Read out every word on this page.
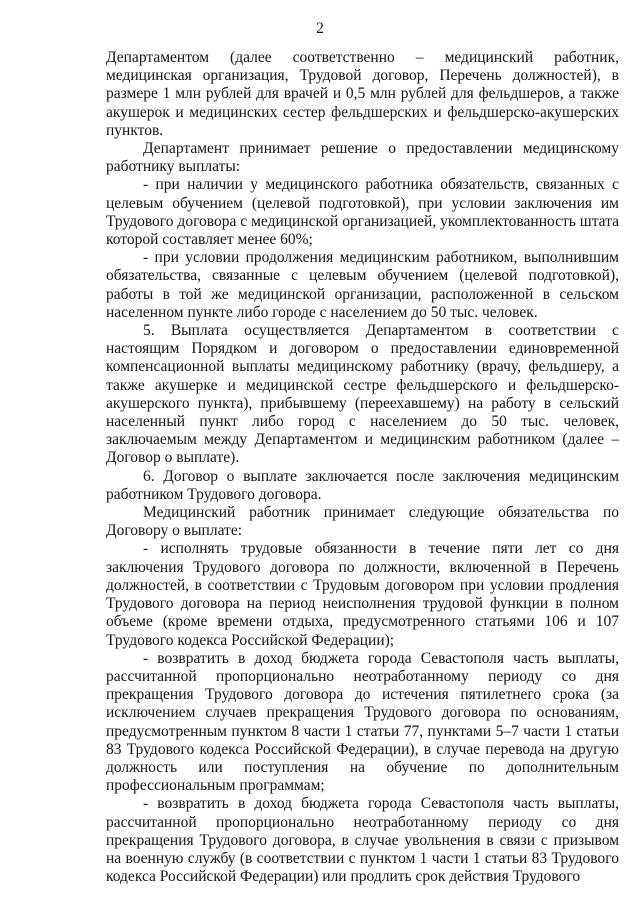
2

Департаментом (далее соответственно – медицинский работник, медицинская организация, Трудовой договор, Перечень должностей), в размере 1 млн рублей для врачей и 0,5 млн рублей для фельдшеров, а также акушерок и медицинских сестер фельдшерских и фельдшерско-акушерских пунктов.

Департамент принимает решение о предоставлении медицинскому работнику выплаты:

- при наличии у медицинского работника обязательств, связанных с целевым обучением (целевой подготовкой), при условии заключения им Трудового договора с медицинской организацией, укомплектованность штата которой составляет менее 60%;

- при условии продолжения медицинским работником, выполнившим обязательства, связанные с целевым обучением (целевой подготовкой), работы в той же медицинской организации, расположенной в сельском населенном пункте либо городе с населением до 50 тыс. человек.

5. Выплата осуществляется Департаментом в соответствии с настоящим Порядком и договором о предоставлении единовременной компенсационной выплаты медицинскому работнику (врачу, фельдшеру, а также акушерке и медицинской сестре фельдшерского и фельдшерско-акушерского пункта), прибывшему (переехавшему) на работу в сельский населенный пункт либо город с населением до 50 тыс. человек, заключаемым между Департаментом и медицинским работником (далее – Договор о выплате).

6. Договор о выплате заключается после заключения медицинским работником Трудового договора.

Медицинский работник принимает следующие обязательства по Договору о выплате:

- исполнять трудовые обязанности в течение пяти лет со дня заключения Трудового договора по должности, включенной в Перечень должностей, в соответствии с Трудовым договором при условии продления Трудового договора на период неисполнения трудовой функции в полном объеме (кроме времени отдыха, предусмотренного статьями 106 и 107 Трудового кодекса Российской Федерации);

- возвратить в доход бюджета города Севастополя часть выплаты, рассчитанной пропорционально неотработанному периоду со дня прекращения Трудового договора до истечения пятилетнего срока (за исключением случаев прекращения Трудового договора по основаниям, предусмотренным пунктом 8 части 1 статьи 77, пунктами 5–7 части 1 статьи 83 Трудового кодекса Российской Федерации), в случае перевода на другую должность или поступления на обучение по дополнительным профессиональным программам;

- возвратить в доход бюджета города Севастополя часть выплаты, рассчитанной пропорционально неотработанному периоду со дня прекращения Трудового договора, в случае увольнения в связи с призывом на военную службу (в соответствии с пунктом 1 части 1 статьи 83 Трудового кодекса Российской Федерации) или продлить срок действия Трудового
